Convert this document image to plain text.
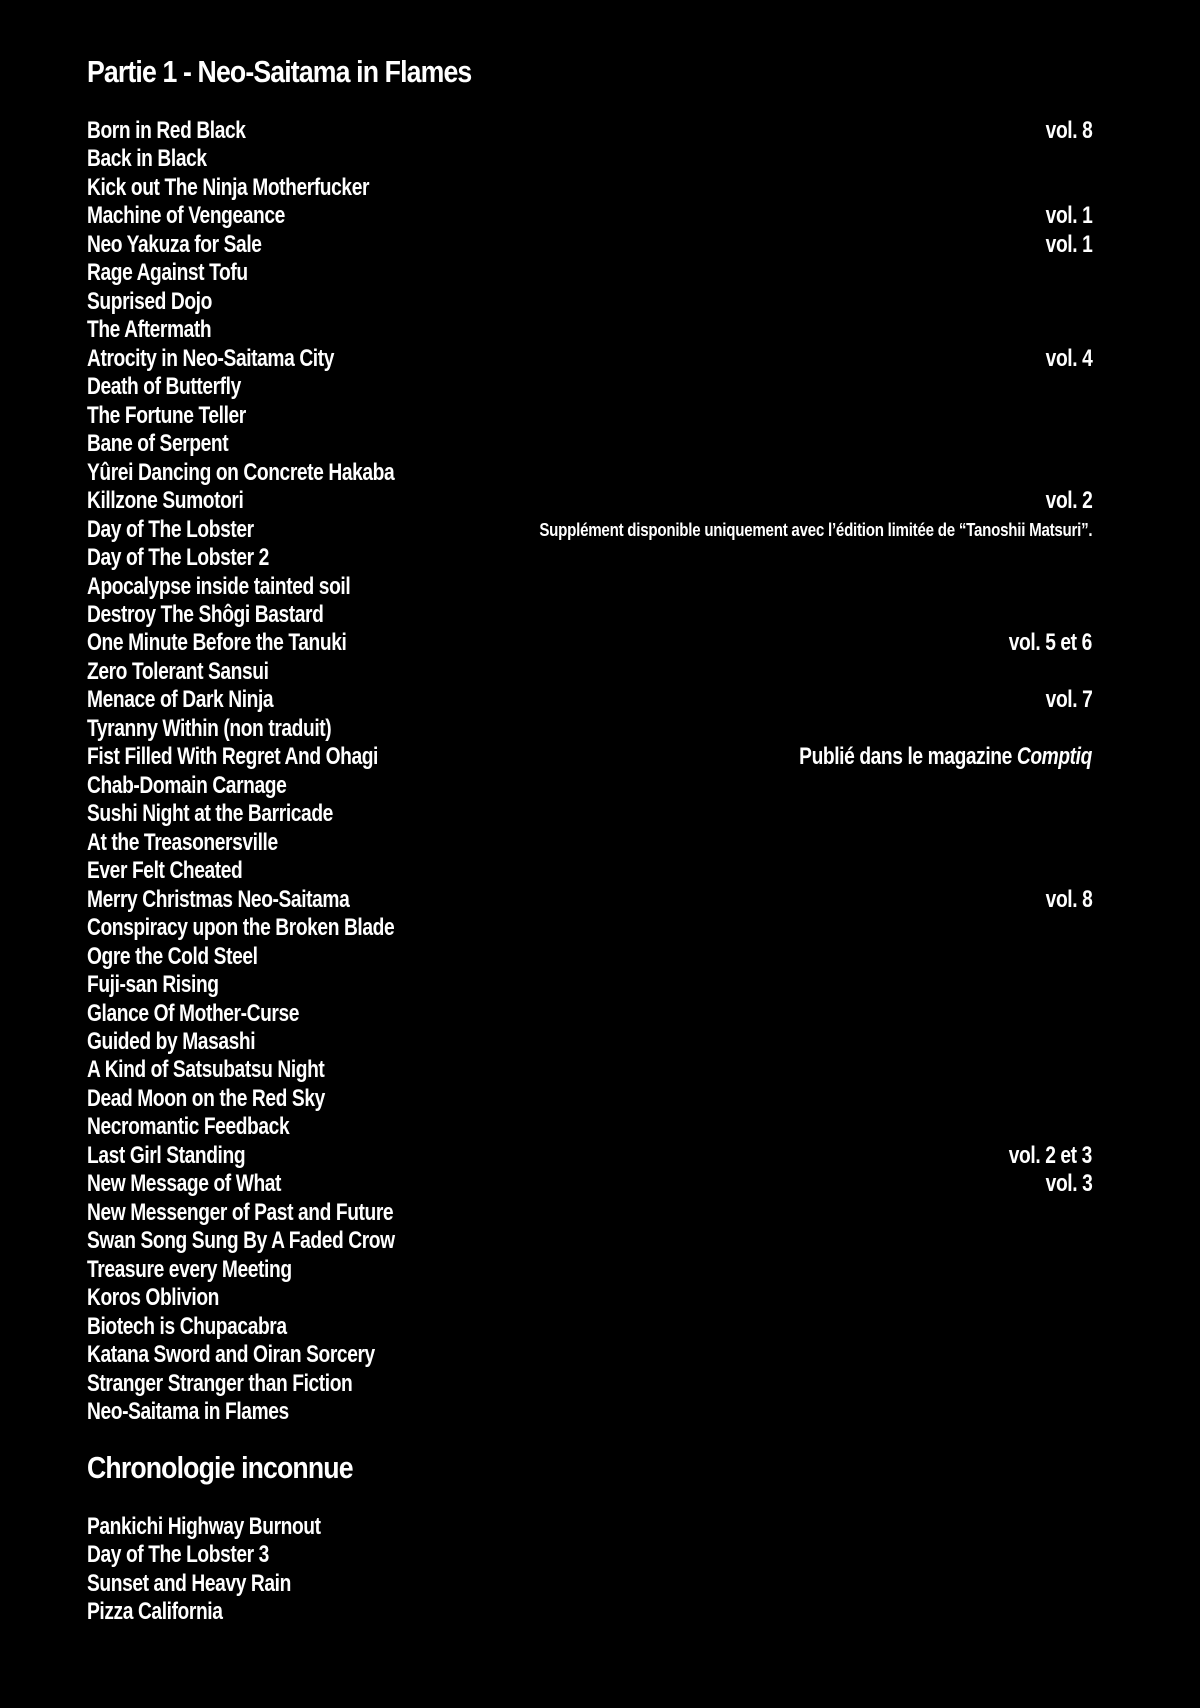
Partie 1 - Neo-Saitama in Flames
Born in Red Black	vol. 8
Back in Black
Kick out The Ninja Motherfucker
Machine of Vengeance	vol. 1
Neo Yakuza for Sale	vol. 1
Rage Against Tofu
Suprised Dojo
The Aftermath
Atrocity in Neo-Saitama City	vol. 4
Death of Butterfly
The Fortune Teller
Bane of Serpent
Yûrei Dancing on Concrete Hakaba
Killzone Sumotori	vol. 2
Day of The Lobster	Supplément disponible uniquement avec l’édition limitée de “Tanoshii Matsuri”.
Day of The Lobster 2
Apocalypse inside tainted soil
Destroy The Shôgi Bastard
One Minute Before the Tanuki	vol. 5 et 6
Zero Tolerant Sansui
Menace of Dark Ninja	vol. 7
Tyranny Within (non traduit)
Fist Filled With Regret And Ohagi	Publié dans le magazine Comptiq
Chab-Domain Carnage
Sushi Night at the Barricade
At the Treasonersville
Ever Felt Cheated
Merry Christmas Neo-Saitama	vol. 8
Conspiracy upon the Broken Blade
Ogre the Cold Steel
Fuji-san Rising
Glance Of Mother-Curse
Guided by Masashi
A Kind of Satsubatsu Night
Dead Moon on the Red Sky
Necromantic Feedback
Last Girl Standing	vol. 2 et 3
New Message of What	vol. 3
New Messenger of Past and Future
Swan Song Sung By A Faded Crow
Treasure every Meeting
Koros Oblivion
Biotech is Chupacabra
Katana Sword and Oiran Sorcery
Stranger Stranger than Fiction
Neo-Saitama in Flames
Chronologie inconnue
Pankichi Highway Burnout
Day of The Lobster 3
Sunset and Heavy Rain
Pizza California
